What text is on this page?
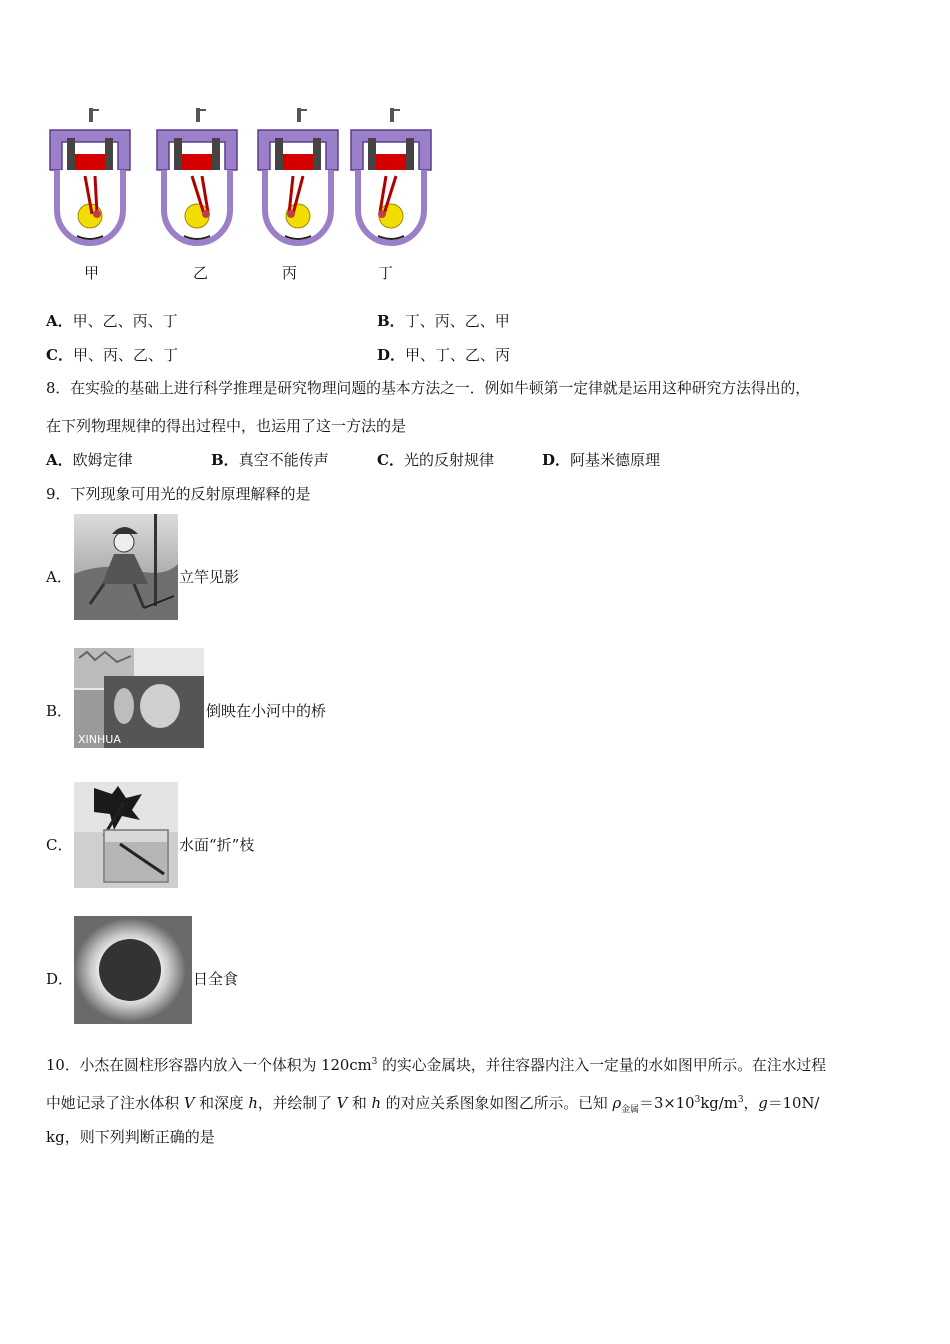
甲	乙	丙	丁
A．甲、乙、丙、丁	B．丁、丙、乙、甲
C．甲、丙、乙、丁	D．甲、丁、乙、丙
8．在实验的基础上进行科学推理是研究物理问题的基本方法之一．例如牛顿第一定律就是运用这种研究方法得出的，
在下列物理规律的得出过程中，也运用了这一方法的是
A．欧姆定律	B．真空不能传声	C．光的反射规律	D．阿基米德原理
9．下列现象可用光的反射原理解释的是
A．	立竿见影
B．
XINHUA
倒映在小河中的桥
C．	水面“折”枝
D．	日全食
10．小杰在圆柱形容器内放入一个体积为 $120cm^3$ 的实心金属块，并往容器内注入一定量的水如图甲所示。在注水过程
中她记录了注水体积 V 和深度 h，并绘制了 V 和 h 的对应关系图象如图乙所示。已知 $\rho_{金属}=3\times 10^3kg/m^3$，g＝10N/
kg，则下列判断正确的是
